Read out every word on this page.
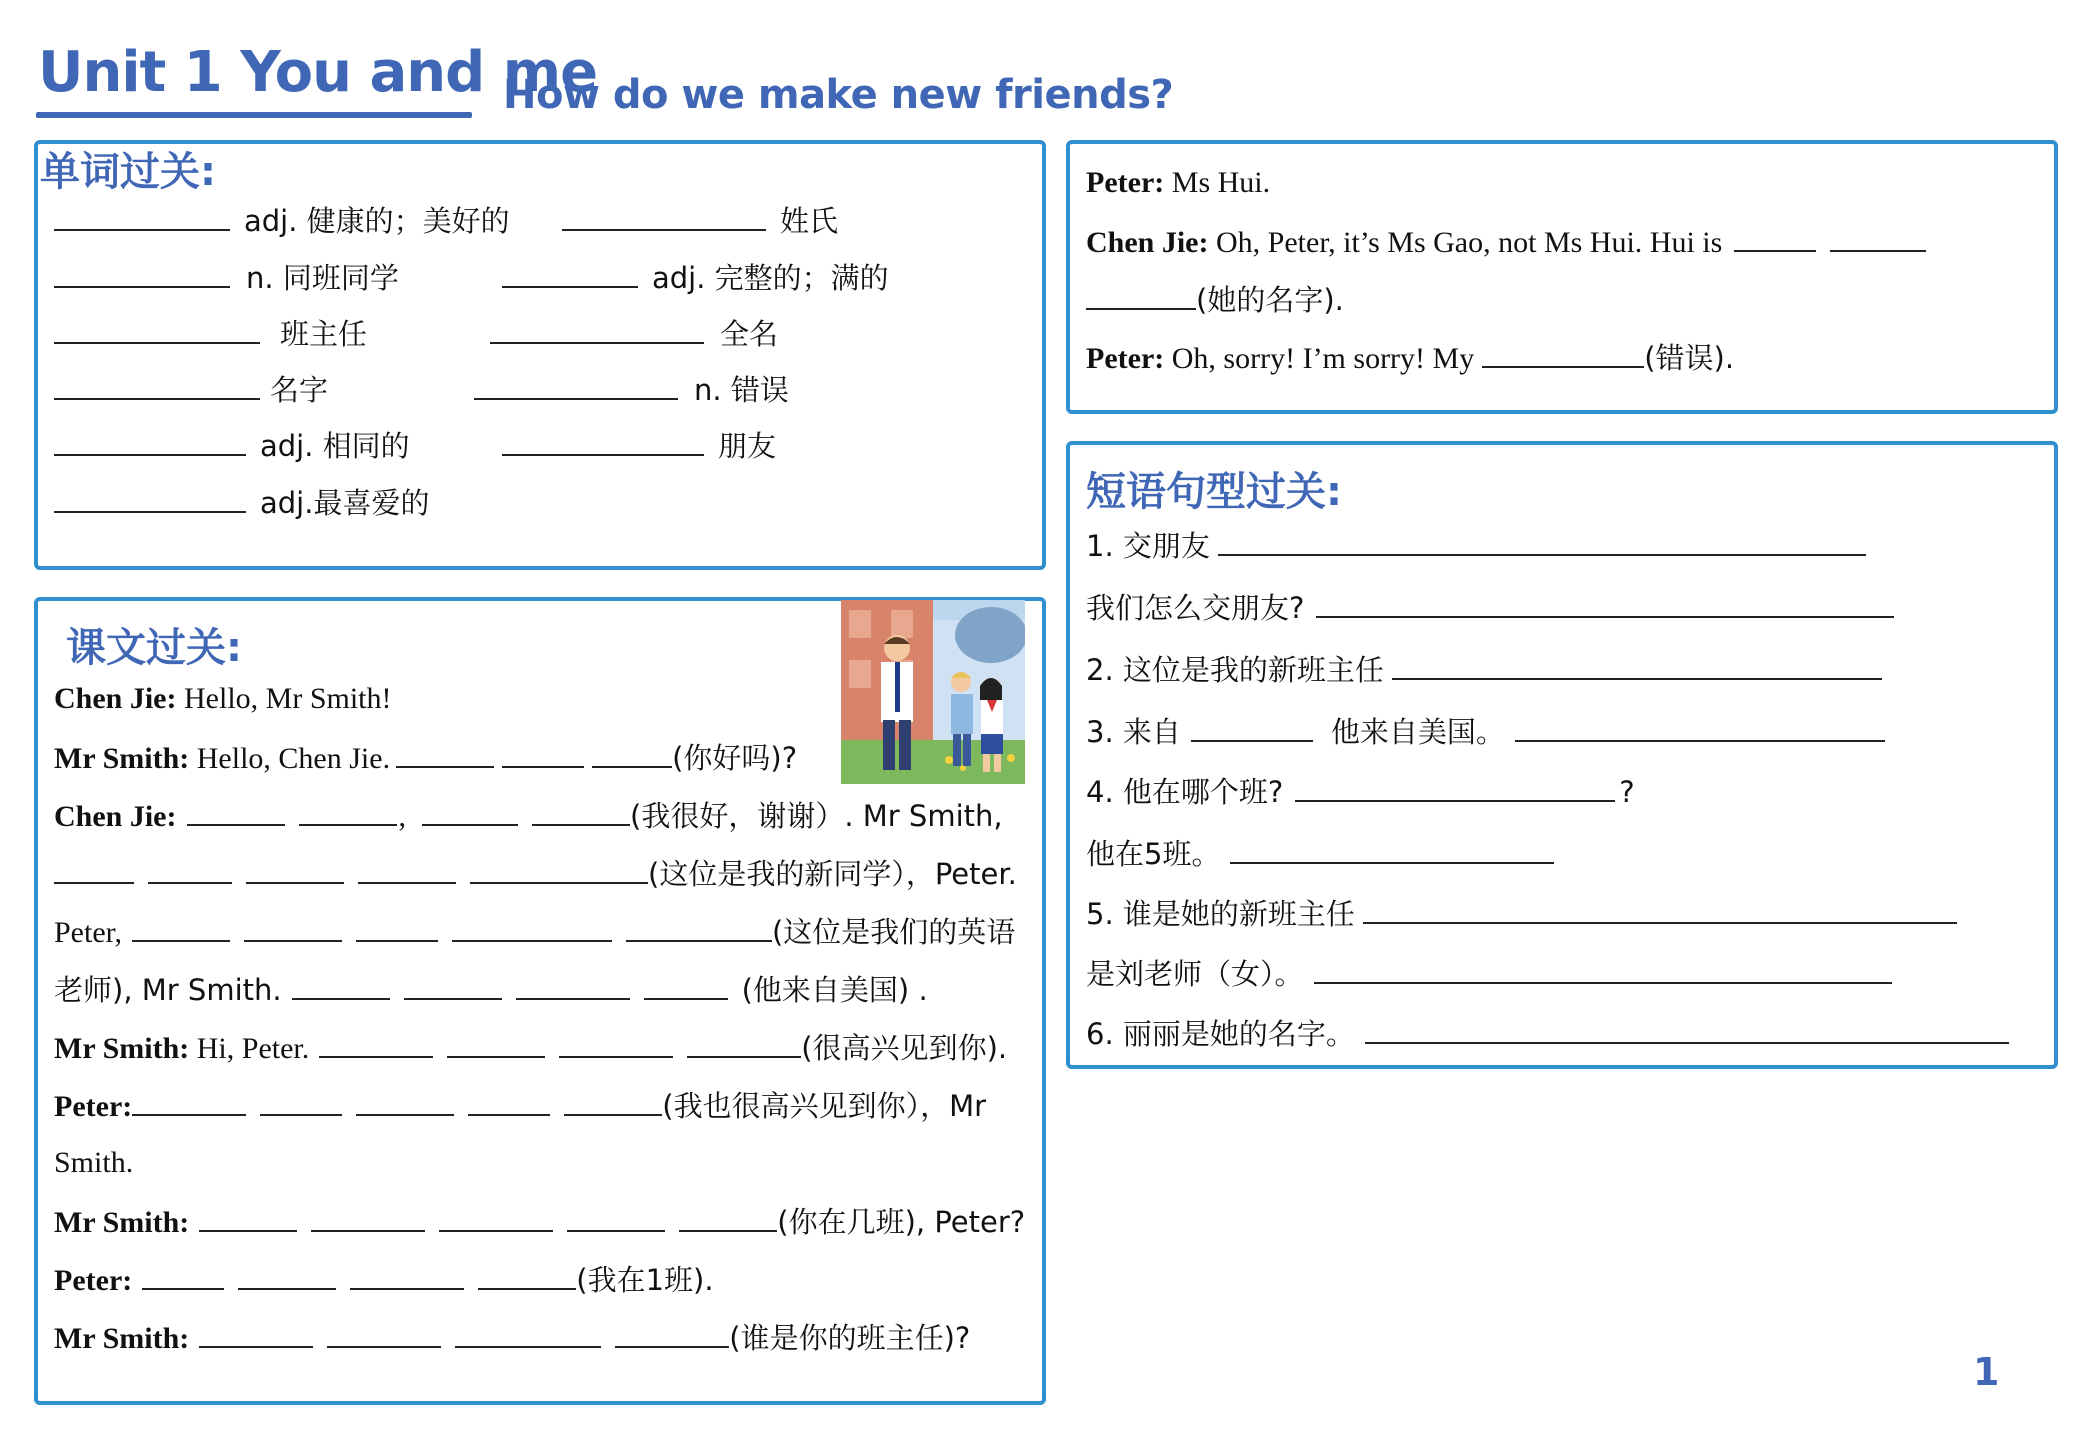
Unit 1 You and me
How do we make new friends?
单词过关:
adj. 健康的；美好的	姓氏
n. 同班同学	adj. 完整的；满的
班主任	全名
名字	n. 错误
adj. 相同的	朋友
adj.最喜爱的
课文过关:
Chen Jie: Hello, Mr Smith!
Mr Smith: Hello, Chen Jie.	(你好吗)?
Chen Jie:	,	(我很好，谢谢）. Mr Smith,
(这位是我的新同学），Peter.
Peter,	(这位是我们的英语
老师), Mr Smith.	(他来自美国) .
Mr Smith: Hi, Peter.	(很高兴见到你).
Peter:	(我也很高兴见到你），Mr
Smith.
Mr Smith:	(你在几班), Peter?
Peter:	(我在1班).
Mr Smith:	(谁是你的班主任)?
Peter: Ms Hui.
Chen Jie: Oh, Peter, it’s Ms Gao, not Ms Hui. Hui is
(她的名字).
Peter: Oh, sorry! I’m sorry! My	(错误).
短语句型过关:
1. 交朋友
我们怎么交朋友?
2. 这位是我的新班主任
3. 来自	他来自美国。
4. 他在哪个班?	?
他在5班。
5. 谁是她的新班主任
是刘老师（女）。
6. 丽丽是她的名字。
1
